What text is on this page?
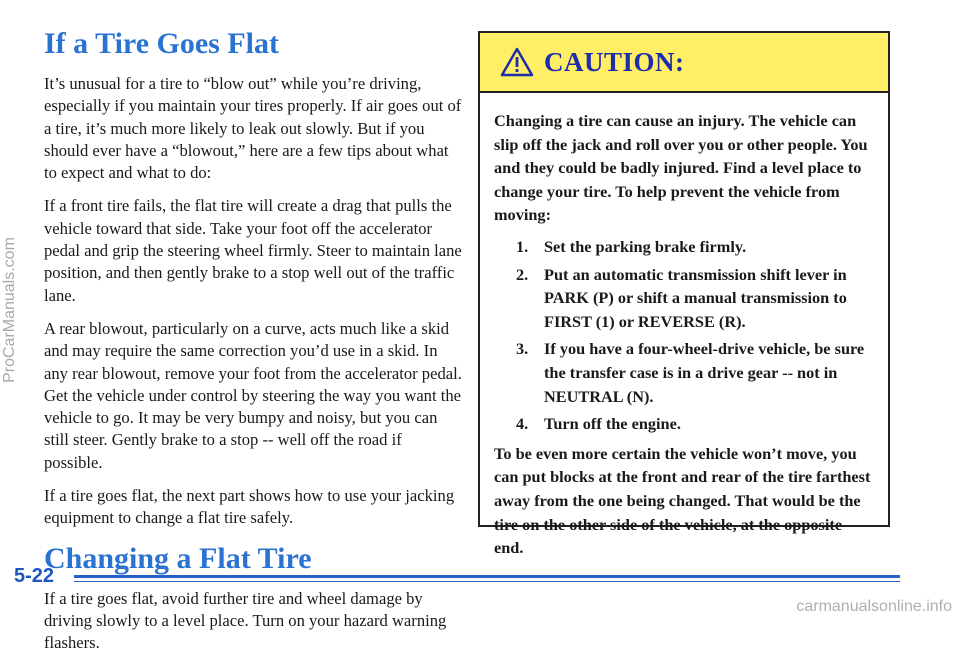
ProCarManuals.com
If a Tire Goes Flat

It’s unusual for a tire to “blow out” while you’re driving, especially if you maintain your tires properly. If air goes out of a tire, it’s much more likely to leak out slowly. But if you should ever have a “blowout,” here are a few tips about what to expect and what to do:

If a front tire fails, the flat tire will create a drag that pulls the vehicle toward that side. Take your foot off the accelerator pedal and grip the steering wheel firmly. Steer to maintain lane position, and then gently brake to a stop well out of the traffic lane.

A rear blowout, particularly on a curve, acts much like a skid and may require the same correction you’d use in a skid. In any rear blowout, remove your foot from the accelerator pedal. Get the vehicle under control by steering the way you want the vehicle to go. It may be very bumpy and noisy, but you can still steer. Gently brake to a stop -- well off the road if possible.

If a tire goes flat, the next part shows how to use your jacking equipment to change a flat tire safely.

Changing a Flat Tire

If a tire goes flat, avoid further tire and wheel damage by driving slowly to a level place. Turn on your hazard warning flashers.

CAUTION:

Changing a tire can cause an injury. The vehicle can slip off the jack and roll over you or other people. You and they could be badly injured. Find a level place to change your tire. To help prevent the vehicle from moving:

1. Set the parking brake firmly.
2. Put an automatic transmission shift lever in PARK (P) or shift a manual transmission to FIRST (1) or REVERSE (R).
3. If you have a four-wheel-drive vehicle, be sure the transfer case is in a drive gear -- not in NEUTRAL (N).
4. Turn off the engine.

To be even more certain the vehicle won’t move, you can put blocks at the front and rear of the tire farthest away from the one being changed. That would be the tire on the other side of the vehicle, at the opposite end.

5-22
carmanualsonline.info
